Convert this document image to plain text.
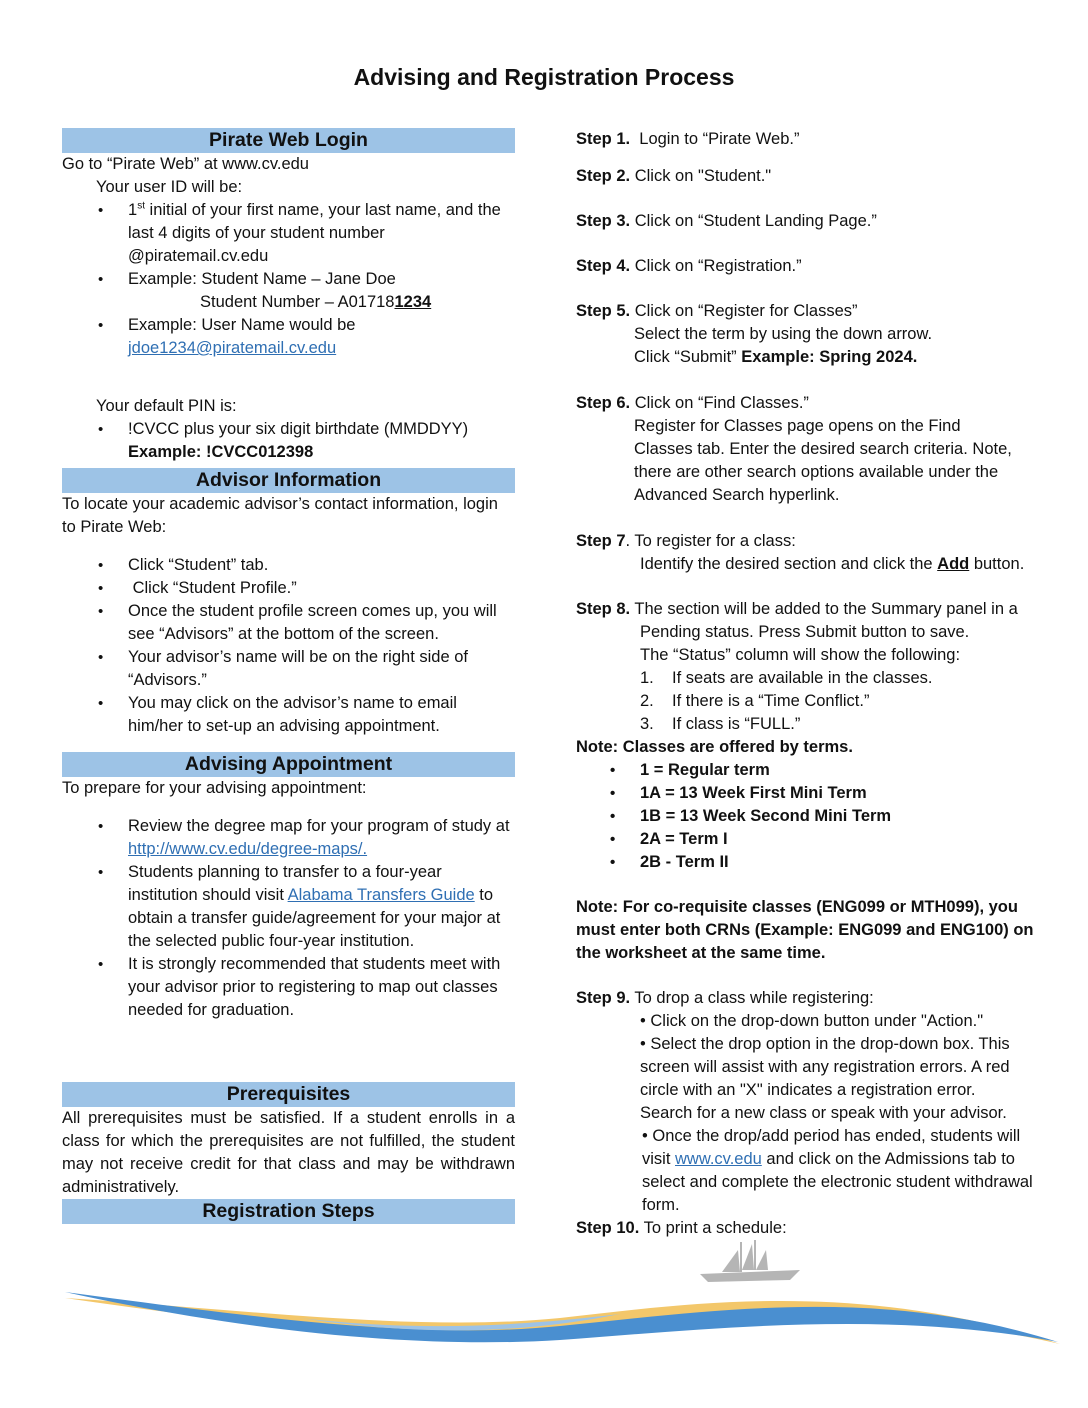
Advising and Registration Process
Pirate Web Login

Go to “Pirate Web” at www.cv.edu

Your user ID will be:

• 1st initial of your first name, your last name, and the last 4 digits of your student number @piratemail.cv.edu
• Example: Student Name – Jane Doe
Student Number – A017181234
• Example: User Name would be
jdoe1234@piratemail.cv.edu

Your default PIN is:

• !CVCC plus your six digit birthdate (MMDDYY)
Example: !CVCC012398
Advisor Information

To locate your academic advisor’s contact information, login to Pirate Web:

• Click “Student” tab.
•  Click “Student Profile.”
• Once the student profile screen comes up, you will see “Advisors” at the bottom of the screen.
• Your advisor’s name will be on the right side of “Advisors.”
• You may click on the advisor’s name to email him/her to set-up an advising appointment.
Advising Appointment

To prepare for your advising appointment:

• Review the degree map for your program of study at
http://www.cv.edu/degree-maps/.
• Students planning to transfer to a four-year institution should visit Alabama Transfers Guide to obtain a transfer guide/agreement for your major at the selected public four-year institution.
• It is strongly recommended that students meet with your advisor prior to registering to map out classes needed for graduation.
Prerequisites

All prerequisites must be satisfied. If a student enrolls in a class for which the prerequisites are not fulfilled, the student may not receive credit for that class and may be withdrawn administratively.

Registration Steps

Step 1.  Login to “Pirate Web.”

Step 2. Click on "Student."

Step 3. Click on “Student Landing Page.”

Step 4. Click on “Registration.”

Step 5. Click on “Register for Classes”

Select the term by using the down arrow.

Click “Submit” Example: Spring 2024.

Step 6. Click on “Find Classes.”

Register for Classes page opens on the Find Classes tab. Enter the desired search criteria. Note, there are other search options available under the Advanced Search hyperlink.

Step 7. To register for a class:

Identify the desired section and click the Add button.

Step 8. The section will be added to the Summary panel in a

Pending status. Press Submit button to save.

The “Status” column will show the following:

1. If seats are available in the classes.
2. If there is a “Time Conflict.”
3. If class is “FULL.”

Note: Classes are offered by terms.

• 1 = Regular term
• 1A = 13 Week First Mini Term
• 1B = 13 Week Second Mini Term
• 2A = Term I
• 2B - Term II

Note: For co-requisite classes (ENG099 or MTH099), you must enter both CRNs (Example: ENG099 and ENG100) on the worksheet at the same time.

Step 9. To drop a class while registering:

• Click on the drop-down button under "Action."

• Select the drop option in the drop-down box. This screen will assist with any registration errors. A red circle with an "X" indicates a registration error. Search for a new class or speak with your advisor.

• Once the drop/add period has ended, students will visit www.cv.edu and click on the Admissions tab to select and complete the electronic student withdrawal form.

Step 10. To print a schedule:
